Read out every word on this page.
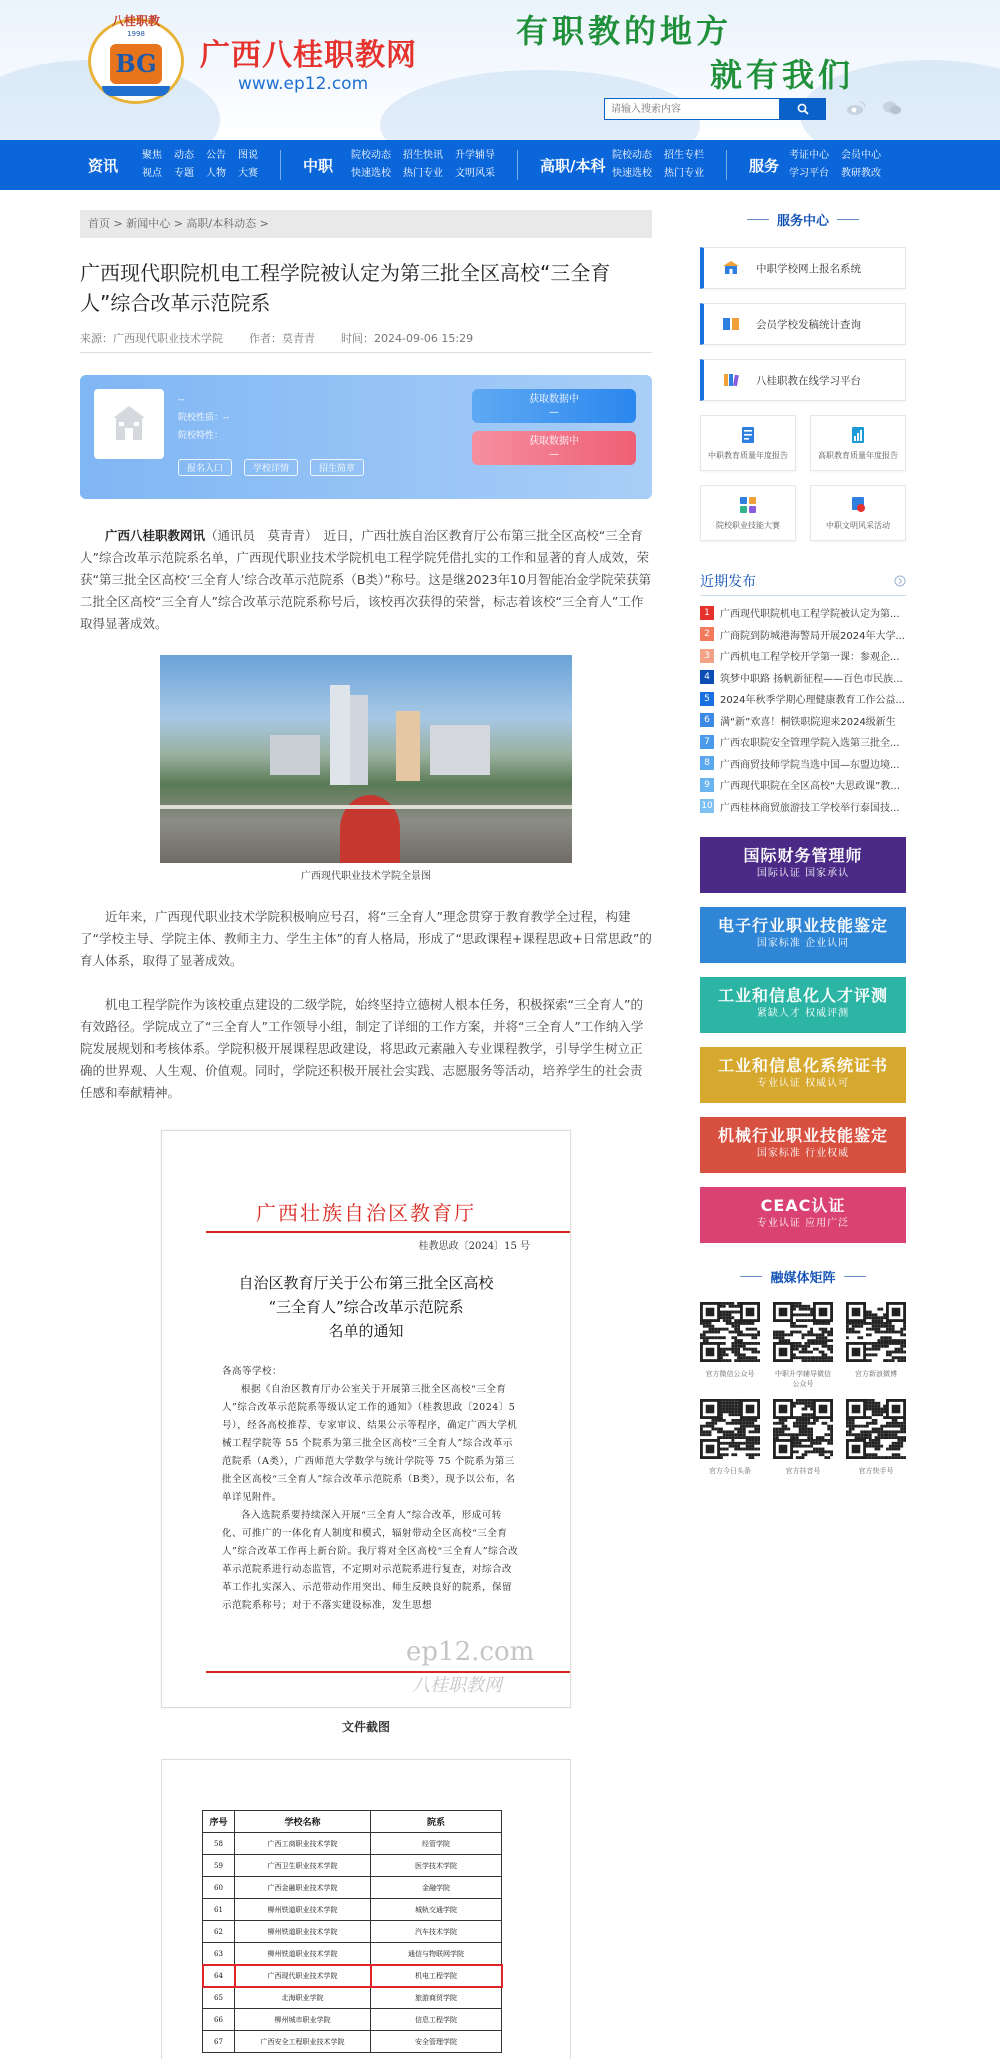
八桂职教
1998
BG 广西八桂职教网
www.ep12.com
有职教的地方
就有我们
请输入搜索内容
资讯
聚焦 动态 公告 图说
视点 专题 人物 大赛	中职
院校动态 招生快讯 升学辅导
快速选校 热门专业 文明风采	高职/本科
院校动态 招生专栏
快速选校 热门专业	服务
考证中心 会员中心
学习平台 教研教改
首页 > 新闻中心 > 高职/本科动态 >
广西现代职院机电工程学院被认定为第三批全区高校“三全育人”综合改革示范院系
来源：广西现代职业技术学院 作者：莫青青 时间：2024-09-06 15:29
--
院校性质：--
院校特性：
报名入口	学校详情	招生简章
获取数据中
—
获取数据中
—

广西八桂职教网讯（通讯员　莫青青）　近日，广西壮族自治区教育厅公布第三批全区高校“三全育人”综合改革示范院系名单，广西现代职业技术学院机电工程学院凭借扎实的工作和显著的育人成效，荣获“第三批全区高校‘三全育人’综合改革示范院系（B类）”称号。这是继2023年10月智能冶金学院荣获第二批全区高校“三全育人”综合改革示范院系称号后，该校再次获得的荣誉，标志着该校“三全育人”工作取得显著成效。

广西现代职业技术学院全景图

近年来，广西现代职业技术学院积极响应号召，将“三全育人”理念贯穿于教育教学全过程，构建了“学校主导、学院主体、教师主力、学生主体”的育人格局，形成了“思政课程+课程思政+日常思政”的育人体系，取得了显著成效。

机电工程学院作为该校重点建设的二级学院，始终坚持立德树人根本任务，积极探索“三全育人”的有效路径。学院成立了“三全育人”工作领导小组，制定了详细的工作方案，并将“三全育人”工作纳入学院发展规划和考核体系。学院积极开展课程思政建设，将思政元素融入专业课程教学，引导学生树立正确的世界观、人生观、价值观。同时，学院还积极开展社会实践、志愿服务等活动，培养学生的社会责任感和奉献精神。

广西壮族自治区教育厅
桂教思政〔2024〕15 号
自治区教育厅关于公布第三批全区高校
“三全育人”综合改革示范院系
名单的通知

各高等学校：

根据《自治区教育厅办公室关于开展第三批全区高校“三全育人”综合改革示范院系等级认定工作的通知》（桂教思政〔2024〕5 号），经各高校推荐、专家审议、结果公示等程序，确定广西大学机械工程学院等 55 个院系为第三批全区高校“三全育人”综合改革示范院系（A类），广西师范大学数学与统计学院等 75 个院系为第三批全区高校“三全育人”综合改革示范院系（B类），现予以公布，名单详见附件。

各入选院系要持续深入开展“三全育人”综合改革，形成可转化、可推广的一体化育人制度和模式，辐射带动全区高校“三全育人”综合改革工作再上新台阶。我厅将对全区高校“三全育人”综合改革示范院系进行动态监管，不定期对示范院系进行复查，对综合改革工作扎实深入、示范带动作用突出、师生反映良好的院系，保留示范院系称号；对于不落实建设标准，发生思想

ep12.com
八桂职教网
文件截图
序号	学校名称	院系
58	广西工商职业技术学院	经管学院
59	广西卫生职业技术学院	医学技术学院
60	广西金融职业技术学院	金融学院
61	柳州铁道职业技术学院	城轨交通学院
62	柳州铁道职业技术学院	汽车技术学院
63	柳州铁道职业技术学院	通信与物联网学院
64	广西现代职业技术学院	机电工程学院
65	北海职业学院	旅游商贸学院
66	柳州城市职业学院	信息工程学院
67	广西安全工程职业技术学院	安全管理学院
服务中心
中职学校网上报名系统
会员学校发稿统计查询
八桂职教在线学习平台
中职教育质量年度报告	高职教育质量年度报告
院校职业技能大赛	中职文明风采活动
近期发布
1	广西现代职院机电工程学院被认定为第...
2	广商院到防城港海警局开展2024年大学...
3	广西机电工程学校开学第一课：参观企...
4	筑梦中职路 扬帆新征程——百色市民族...
5	2024年秋季学期心理健康教育工作公益...
6	满“新”欢喜！桐铁职院迎来2024级新生
7	广西农职院安全管理学院入选第三批全...
8	广西商贸技师学院当选中国—东盟边境...
9	广西现代职院在全区高校“大思政课”教...
10 广西桂林商贸旅游技工学校举行泰国技...
国际财务管理师
国际认证 国家承认
电子行业职业技能鉴定
国家标准 企业认同
工业和信息化人才评测
紧缺人才 权威评测
工业和信息化系统证书
专业认证 权威认可
机械行业职业技能鉴定
国家标准 行业权威
CEAC认证
专业认证 应用广泛
融媒体矩阵
官方微信公众号	中职升学辅导微信公众号
官方新浪微博
官方今日头条	官方抖音号	官方快手号
